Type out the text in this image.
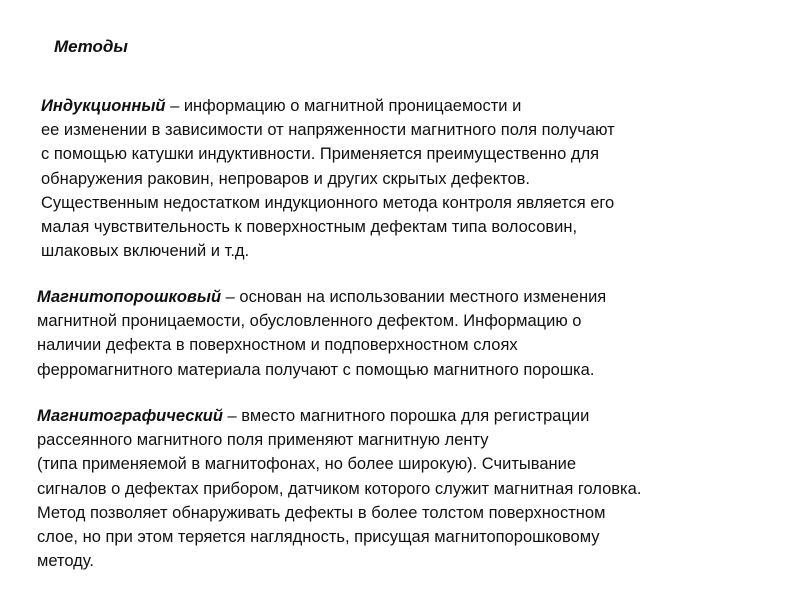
Методы
Индукционный – информацию о магнитной проницаемости и
ее изменении в зависимости от напряженности магнитного поля получают
с помощью катушки индуктивности. Применяется преимущественно для
обнаружения раковин, непроваров и других скрытых дефектов.
Существенным недостатком индукционного метода контроля является его
малая чувствительность к поверхностным дефектам типа волосовин,
шлаковых включений и т.д.
Магнитопорошковый – основан на использовании местного изменения
магнитной проницаемости, обусловленного дефектом. Информацию о
наличии дефекта в поверхностном и подповерхностном слоях
ферромагнитного материала получают с помощью магнитного порошка.
Магнитографический – вместо магнитного порошка для регистрации
рассеянного магнитного поля применяют магнитную ленту
(типа применяемой в магнитофонах, но более широкую). Считывание
сигналов о дефектах прибором, датчиком которого служит магнитная головка.
Метод позволяет обнаруживать дефекты в более толстом поверхностном
слое, но при этом теряется наглядность, присущая магнитопорошковому
методу.
